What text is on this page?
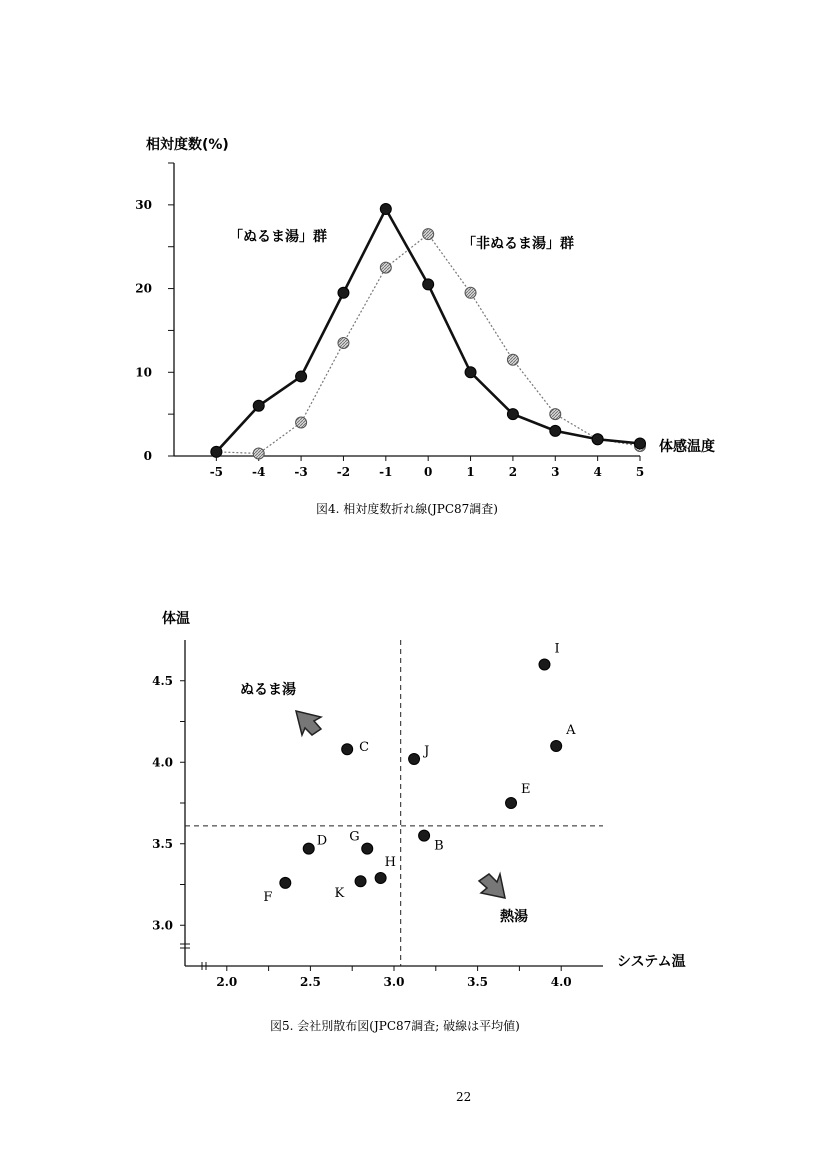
相対度数(%)
0
10
20
30
-5 -4 -3 -2 -1	0	1	2	3	4	5
「ぬるま湯」群	「非ぬるま湯」群
体感温度
図4. 相対度数折れ線(JPC87調査)
体温
3.0
3.5
4.0
4.5
2.0	2.5	3.0	3.5	4.0
A
B
C
D
E
F
G
H
I
J
K
ぬるま湯
熱湯
システム温
図5. 会社別散布図(JPC87調査; 破線は平均値)
22
